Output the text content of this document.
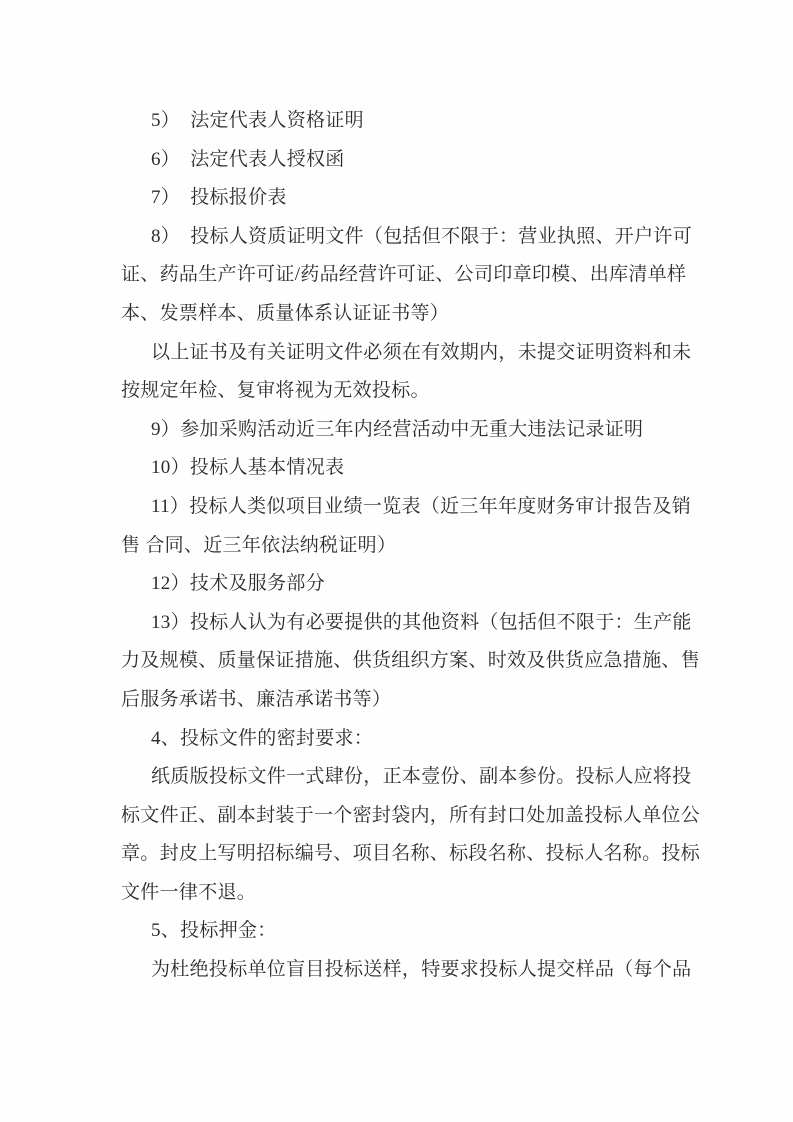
5）  法定代表人资格证明
6）  法定代表人授权函
7）  投标报价表
8）  投标人资质证明文件（包括但不限于：营业执照、开户许可
证、药品生产许可证/药品经营许可证、公司印章印模、出库清单样
本、发票样本、质量体系认证证书等）
以上证书及有关证明文件必须在有效期内，未提交证明资料和未
按规定年检、复审将视为无效投标。
9）参加采购活动近三年内经营活动中无重大违法记录证明
10）投标人基本情况表
11）投标人类似项目业绩一览表（近三年年度财务审计报告及销
售 合同、近三年依法纳税证明）
12）技术及服务部分
13）投标人认为有必要提供的其他资料（包括但不限于：生产能
力及规模、质量保证措施、供货组织方案、时效及供货应急措施、售
后服务承诺书、廉洁承诺书等）
4、投标文件的密封要求：
纸质版投标文件一式肆份，正本壹份、副本参份。投标人应将投
标文件正、副本封装于一个密封袋内，所有封口处加盖投标人单位公
章。封皮上写明招标编号、项目名称、标段名称、投标人名称。投标
文件一律不退。
5、投标押金：
为杜绝投标单位盲目投标送样，特要求投标人提交样品（每个品
